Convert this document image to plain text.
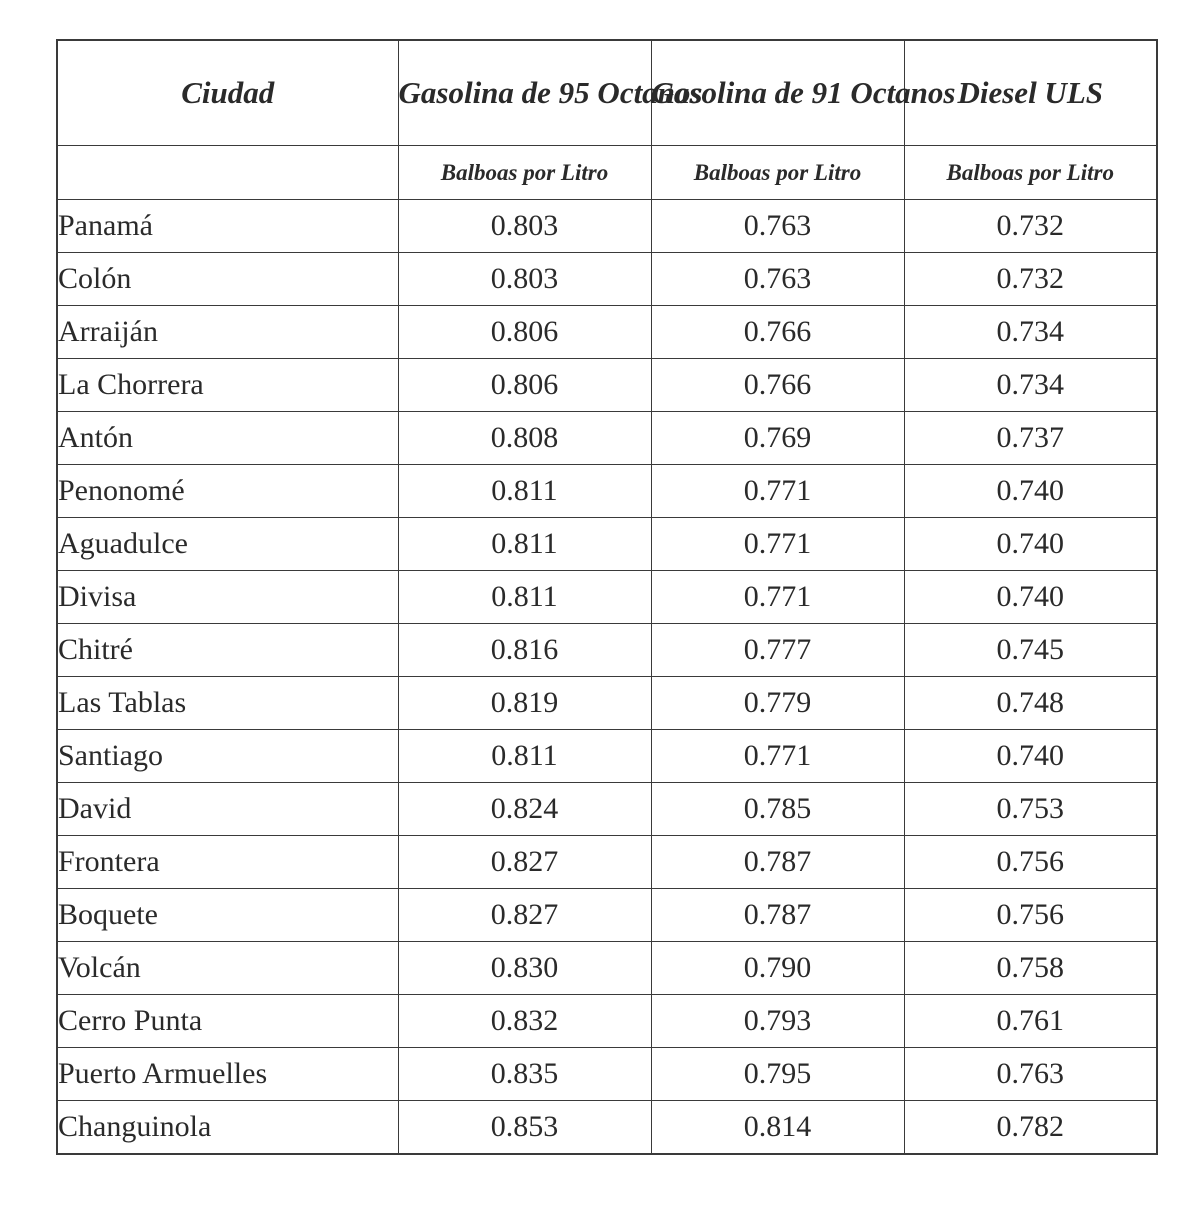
Ciudad	Gasolina de 95 Octanos	Gasolina de 91 Octanos	Diesel ULS
	Balboas por Litro	Balboas por Litro	Balboas por Litro
Panamá	0.803	0.763	0.732
Colón	0.803	0.763	0.732
Arraiján	0.806	0.766	0.734
La Chorrera	0.806	0.766	0.734
Antón	0.808	0.769	0.737
Penonomé	0.811	0.771	0.740
Aguadulce	0.811	0.771	0.740
Divisa	0.811	0.771	0.740
Chitré	0.816	0.777	0.745
Las Tablas	0.819	0.779	0.748
Santiago	0.811	0.771	0.740
David	0.824	0.785	0.753
Frontera	0.827	0.787	0.756
Boquete	0.827	0.787	0.756
Volcán	0.830	0.790	0.758
Cerro Punta	0.832	0.793	0.761
Puerto Armuelles	0.835	0.795	0.763
Changuinola	0.853	0.814	0.782
